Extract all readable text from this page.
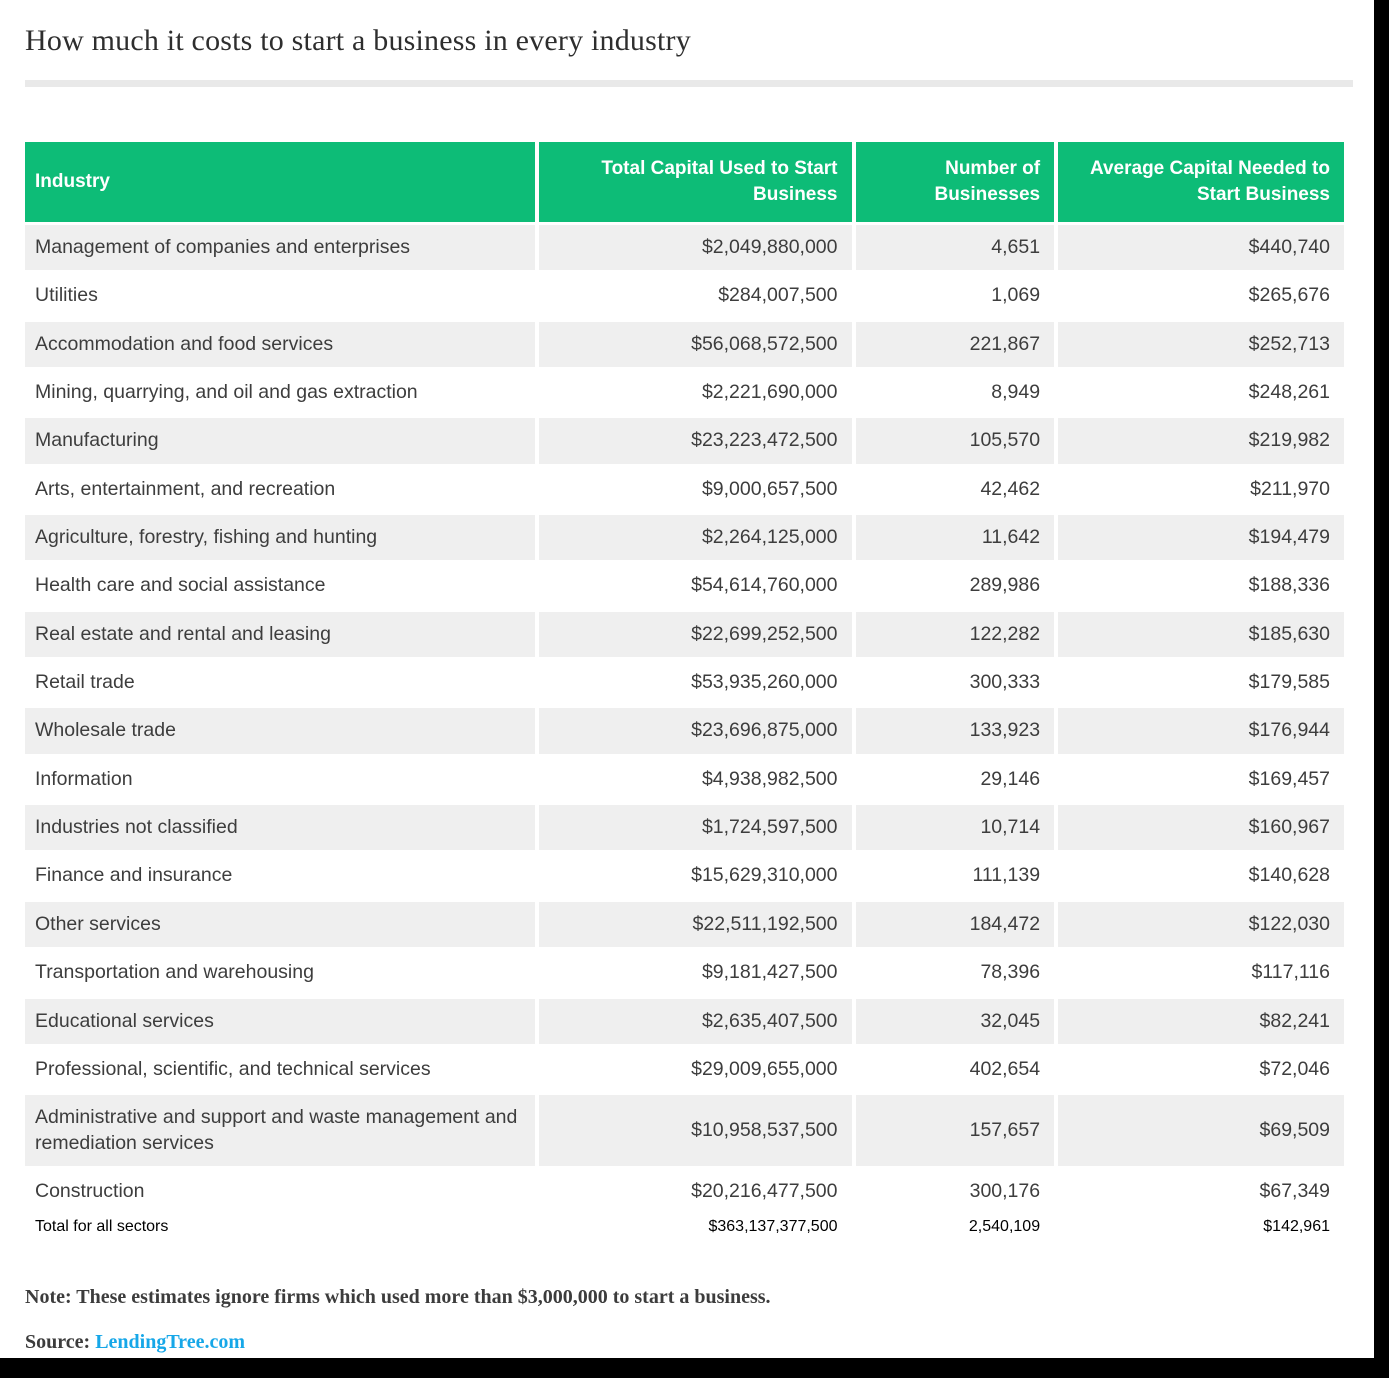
How much it costs to start a business in every industry
Industry	Total Capital Used to Start Business	Number of Businesses	Average Capital Needed to Start Business
Management of companies and enterprises	$2,049,880,000	4,651	$440,740
Utilities	$284,007,500	1,069	$265,676
Accommodation and food services	$56,068,572,500	221,867	$252,713
Mining, quarrying, and oil and gas extraction	$2,221,690,000	8,949	$248,261
Manufacturing	$23,223,472,500	105,570	$219,982
Arts, entertainment, and recreation	$9,000,657,500	42,462	$211,970
Agriculture, forestry, fishing and hunting	$2,264,125,000	11,642	$194,479
Health care and social assistance	$54,614,760,000	289,986	$188,336
Real estate and rental and leasing	$22,699,252,500	122,282	$185,630
Retail trade	$53,935,260,000	300,333	$179,585
Wholesale trade	$23,696,875,000	133,923	$176,944
Information	$4,938,982,500	29,146	$169,457
Industries not classified	$1,724,597,500	10,714	$160,967
Finance and insurance	$15,629,310,000	111,139	$140,628
Other services	$22,511,192,500	184,472	$122,030
Transportation and warehousing	$9,181,427,500	78,396	$117,116
Educational services	$2,635,407,500	32,045	$82,241
Professional, scientific, and technical services	$29,009,655,000	402,654	$72,046
Administrative and support and waste management and remediation services	$10,958,537,500	157,657	$69,509
Construction	$20,216,477,500	300,176	$67,349
Total for all sectors	$363,137,377,500	2,540,109	$142,961
Note: These estimates ignore firms which used more than $3,000,000 to start a business.
Source: LendingTree.com
